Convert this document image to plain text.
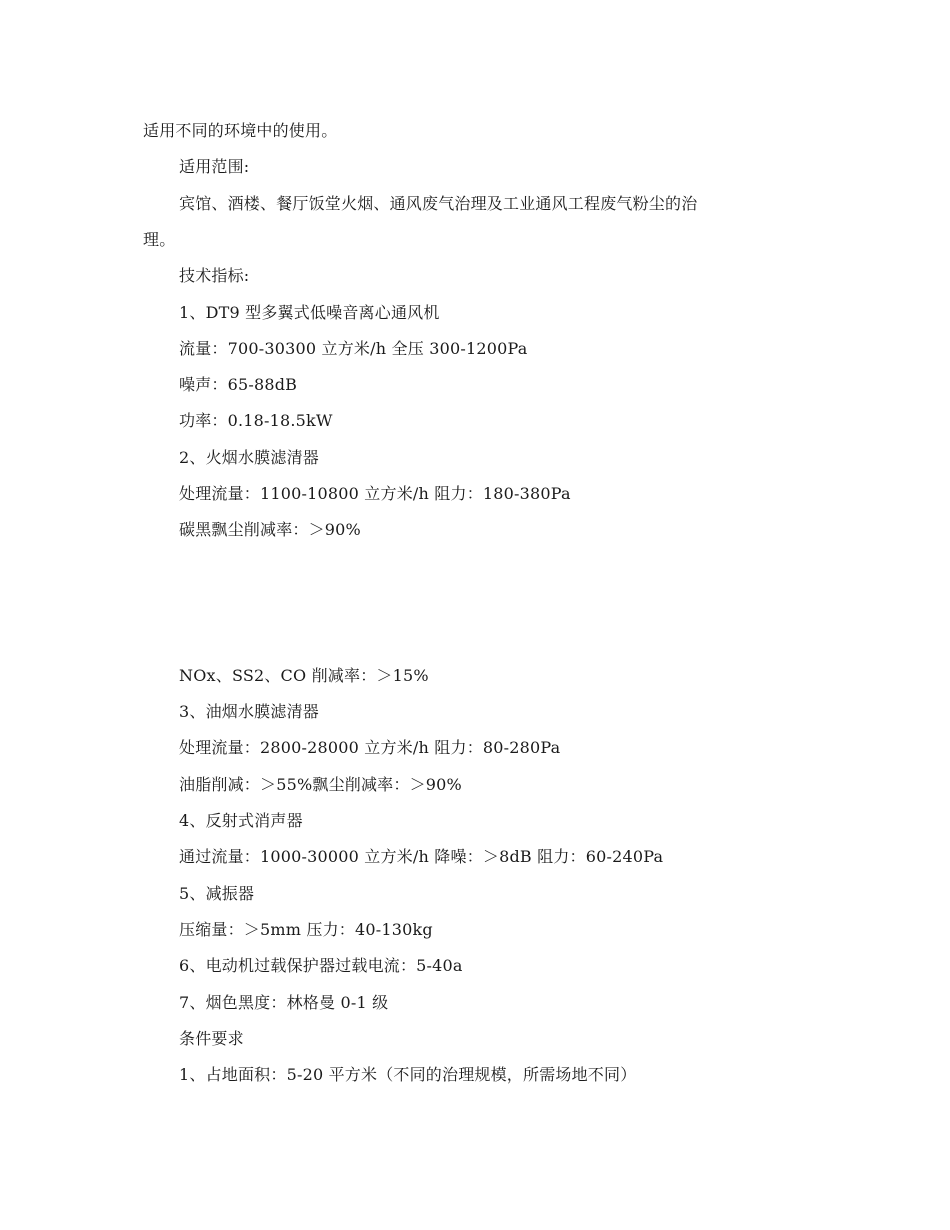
适用不同的环境中的使用。
适用范围:
宾馆、酒楼、餐厅饭堂火烟、通风废气治理及工业通风工程废气粉尘的治
理。
技术指标:
1、DT9 型多翼式低噪音离心通风机
流量：700-30300 立方米/h 全压 300-1200Pa
噪声：65-88dB
功率：0.18-18.5kW
2、火烟水膜滤清器
处理流量：1100-10800 立方米/h 阻力：180-380Pa
碳黑飘尘削减率：＞90%
NOx、SS2、CO 削减率：＞15%
3、油烟水膜滤清器
处理流量：2800-28000 立方米/h 阻力：80-280Pa
油脂削减：＞55%飘尘削减率：＞90%
4、反射式消声器
通过流量：1000-30000 立方米/h 降噪：＞8dB 阻力：60-240Pa
5、减振器
压缩量：＞5mm 压力：40-130kg
6、电动机过载保护器过载电流：5-40a
7、烟色黑度：林格曼 0-1 级
条件要求
1、占地面积：5-20 平方米（不同的治理规模，所需场地不同）
